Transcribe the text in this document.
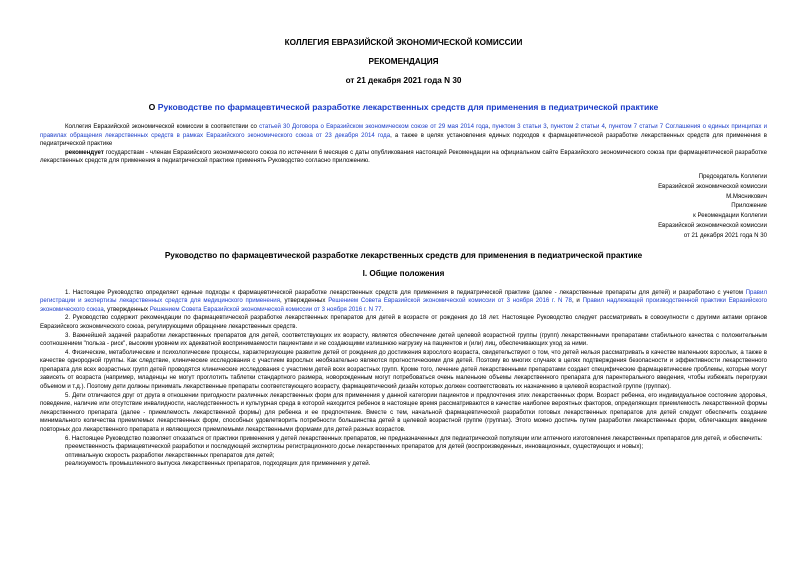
КОЛЛЕГИЯ ЕВРАЗИЙСКОЙ ЭКОНОМИЧЕСКОЙ КОМИССИИ
РЕКОМЕНДАЦИЯ
от 21 декабря 2021 года N 30
О Руководстве по фармацевтической разработке лекарственных средств для применения в педиатрической практике

Коллегия Евразийской экономической комиссии в соответствии со статьей 30 Договора о Евразийском экономическом союзе от 29 мая 2014 года, пунктом 3 статьи 3, пунктом 2 статьи 4, пунктом 7 статьи 7 Соглашения о единых принципах и правилах обращения лекарственных средств в рамках Евразийского экономического союза от 23 декабря 2014 года, а также в целях установления единых подходов к фармацевтической разработке лекарственных средств для применения в педиатрической практике

рекомендует государствам - членам Евразийского экономического союза по истечении 6 месяцев с даты опубликования настоящей Рекомендации на официальном сайте Евразийского экономического союза при фармацевтической разработке лекарственных средств для применения в педиатрической практике применять Руководство согласно приложению.

Председатель Коллегии
Евразийской экономической комиссии
М.Мясникович
Приложение
к Рекомендации Коллегии
Евразийской экономической комиссии
от 21 декабря 2021 года N 30
Руководство по фармацевтической разработке лекарственных средств для применения в педиатрической практике
I. Общие положения

1. Настоящее Руководство определяет единые подходы к фармацевтической разработке лекарственных средств для применения в педиатрической практике (далее - лекарственные препараты для детей) и разработано с учетом Правил регистрации и экспертизы лекарственных средств для медицинского применения, утвержденных Решением Совета Евразийской экономической комиссии от 3 ноября 2016 г. N 78, и Правил надлежащей производственной практики Евразийского экономического союза, утвержденных Решением Совета Евразийской экономической комиссии от 3 ноября 2016 г. N 77.

2. Руководство содержит рекомендации по фармацевтической разработке лекарственных препаратов для детей в возрасте от рождения до 18 лет. Настоящее Руководство следует рассматривать в совокупности с другими актами органов Евразийского экономического союза, регулирующими обращение лекарственных средств.

3. Важнейшей задачей разработки лекарственных препаратов для детей, соответствующих их возрасту, является обеспечение детей целевой возрастной группы (групп) лекарственными препаратами стабильного качества с положительным соотношением "польза - риск", высоким уровнем их адекватной воспринимаемости пациентами и не создающими излишнюю нагрузку на пациентов и (или) лиц, обеспечивающих уход за ними.

4. Физические, метаболические и психологические процессы, характеризующие развитие детей от рождения до достижения взрослого возраста, свидетельствуют о том, что детей нельзя рассматривать в качестве маленьких взрослых, а также в качестве однородной группы. Как следствие, клинические исследования с участием взрослых необязательно являются прогностическими для детей. Поэтому во многих случаях в целях подтверждения безопасности и эффективности лекарственного препарата для всех возрастных групп детей проводятся клинические исследования с участием детей всех возрастных групп. Кроме того, лечение детей лекарственными препаратами создает специфические фармацевтические проблемы, которые могут зависеть от возраста (например, младенцы не могут проглотить таблетки стандартного размера, новорожденным могут потребоваться очень маленькие объемы лекарственного препарата для парентерального введения, чтобы избежать перегрузки объемом и т.д.). Поэтому дети должны принимать лекарственные препараты соответствующего возрасту, фармацевтический дизайн которых должен соответствовать их назначению в целевой возрастной группе (группах).

5. Дети отличаются друг от друга в отношении пригодности различных лекарственных форм для применения у данной категории пациентов и предпочтения этих лекарственных форм. Возраст ребенка, его индивидуальное состояние здоровья, поведение, наличие или отсутствие инвалидности, наследственность и культурная среда в которой находится ребенок в настоящее время рассматриваются в качестве наиболее вероятных факторов, определяющих приемлемость лекарственной формы лекарственного препарата (далее - приемлемость лекарственной формы) для ребенка и ее предпочтение. Вместе с тем, начальной фармацевтической разработки готовых лекарственных препаратов для детей следует обеспечить создание минимального количества приемлемых лекарственных форм, способных удовлетворить потребности большинства детей в целевой возрастной группе (группах). Этого можно достичь путем разработки лекарственных форм, облегчающих введение повторных доз лекарственного препарата и являющихся приемлемыми лекарственными формами для детей разных возрастов.

6. Настоящее Руководство позволяет отказаться от практики применения у детей лекарственных препаратов, не предназначенных для педиатрической популяции или аптечного изготовления лекарственных препаратов для детей, и обеспечить:

преемственность фармацевтической разработки и последующей экспертизы регистрационного досье лекарственных препаратов для детей (воспроизведенных, инновационных, существующих и новых);

оптимальную скорость разработки лекарственных препаратов для детей;

реализуемость промышленного выпуска лекарственных препаратов, подходящих для применения у детей.
